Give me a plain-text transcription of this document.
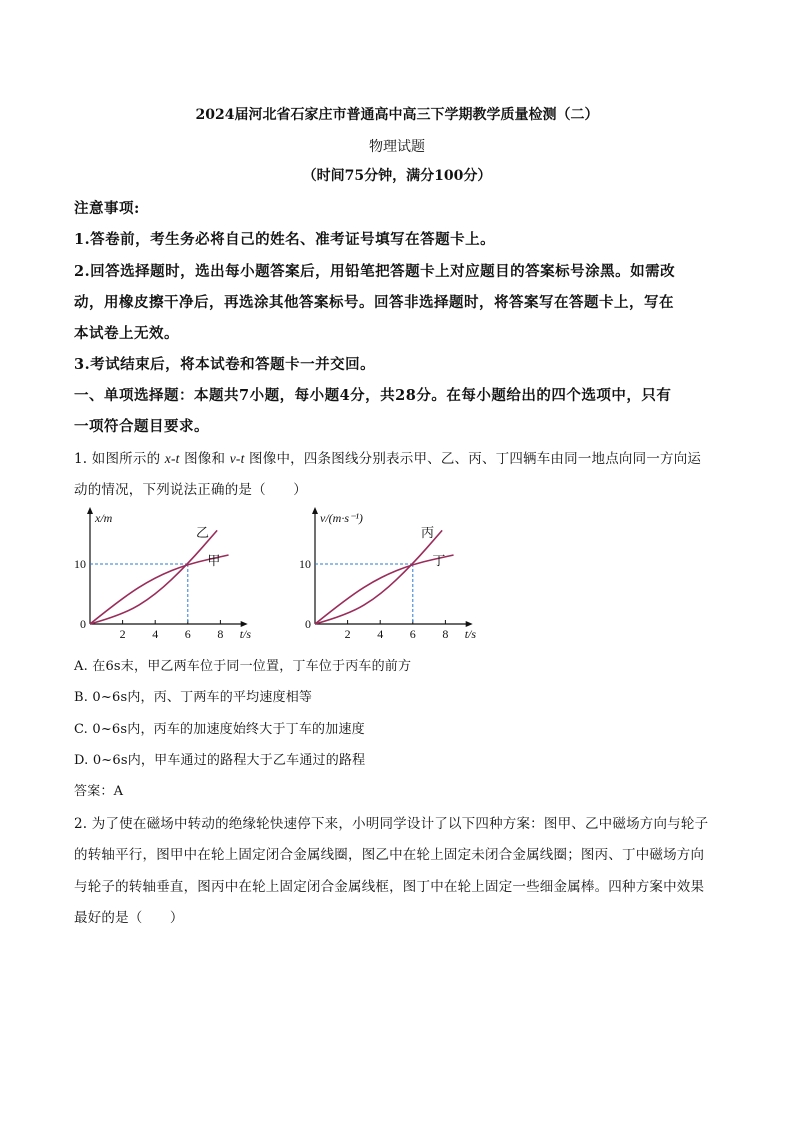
2024届河北省石家庄市普通高中高三下学期教学质量检测（二）
物理试题
（时间75分钟，满分100分）
注意事项:
1.答卷前，考生务必将自己的姓名、准考证号填写在答题卡上。
2.回答选择题时，选出每小题答案后，用铅笔把答题卡上对应题目的答案标号涂黑。如需改
动，用橡皮擦干净后，再选涂其他答案标号。回答非选择题时，将答案写在答题卡上，写在
本试卷上无效。
3.考试结束后，将本试卷和答题卡一并交回。
一、单项选择题：本题共7小题，每小题4分，共28分。在每小题给出的四个选项中，只有
一项符合题目要求。
1. 如图所示的 x-t 图像和 v-t 图像中，四条图线分别表示甲、乙、丙、丁四辆车由同一地点向同一方向运
动的情况，下列说法正确的是（　　）
2 4 6 8
10
0
t/s
x/m
甲
乙
2 4 6 8
10
0
t/s
v/(m·s⁻¹)
丙
丁
A. 在6s末，甲乙两车位于同一位置，丁车位于丙车的前方
B. 0~6s内，丙、丁两车的平均速度相等
C. 0~6s内，丙车的加速度始终大于丁车的加速度
D. 0~6s内，甲车通过的路程大于乙车通过的路程
答案：A
2. 为了使在磁场中转动的绝缘轮快速停下来，小明同学设计了以下四种方案：图甲、乙中磁场方向与轮子
的转轴平行，图甲中在轮上固定闭合金属线圈，图乙中在轮上固定未闭合金属线圈；图丙、丁中磁场方向
与轮子的转轴垂直，图丙中在轮上固定闭合金属线框，图丁中在轮上固定一些细金属棒。四种方案中效果
最好的是（　　）
